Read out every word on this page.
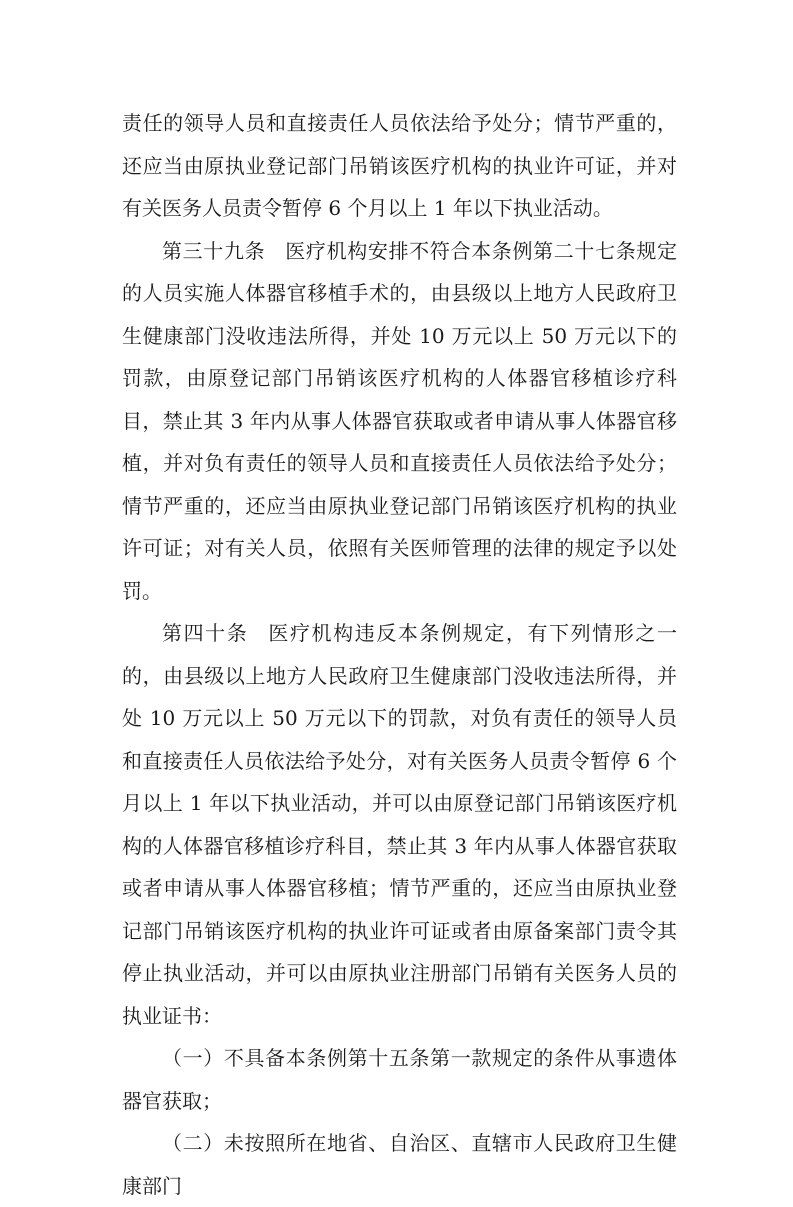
责任的领导人员和直接责任人员依法给予处分；情节严重的，还应当由原执业登记部门吊销该医疗机构的执业许可证，并对有关医务人员责令暂停 6 个月以上 1 年以下执业活动。

第三十九条 医疗机构安排不符合本条例第二十七条规定的人员实施人体器官移植手术的，由县级以上地方人民政府卫生健康部门没收违法所得，并处 10 万元以上 50 万元以下的罚款，由原登记部门吊销该医疗机构的人体器官移植诊疗科目，禁止其 3 年内从事人体器官获取或者申请从事人体器官移植，并对负有责任的领导人员和直接责任人员依法给予处分；情节严重的，还应当由原执业登记部门吊销该医疗机构的执业许可证；对有关人员，依照有关医师管理的法律的规定予以处罚。

第四十条 医疗机构违反本条例规定，有下列情形之一的，由县级以上地方人民政府卫生健康部门没收违法所得，并处 10 万元以上 50 万元以下的罚款，对负有责任的领导人员和直接责任人员依法给予处分，对有关医务人员责令暂停 6 个月以上 1 年以下执业活动，并可以由原登记部门吊销该医疗机构的人体器官移植诊疗科目，禁止其 3 年内从事人体器官获取或者申请从事人体器官移植；情节严重的，还应当由原执业登记部门吊销该医疗机构的执业许可证或者由原备案部门责令其停止执业活动，并可以由原执业注册部门吊销有关医务人员的执业证书：

（一）不具备本条例第十五条第一款规定的条件从事遗体器官获取；

（二）未按照所在地省、自治区、直辖市人民政府卫生健康部门
